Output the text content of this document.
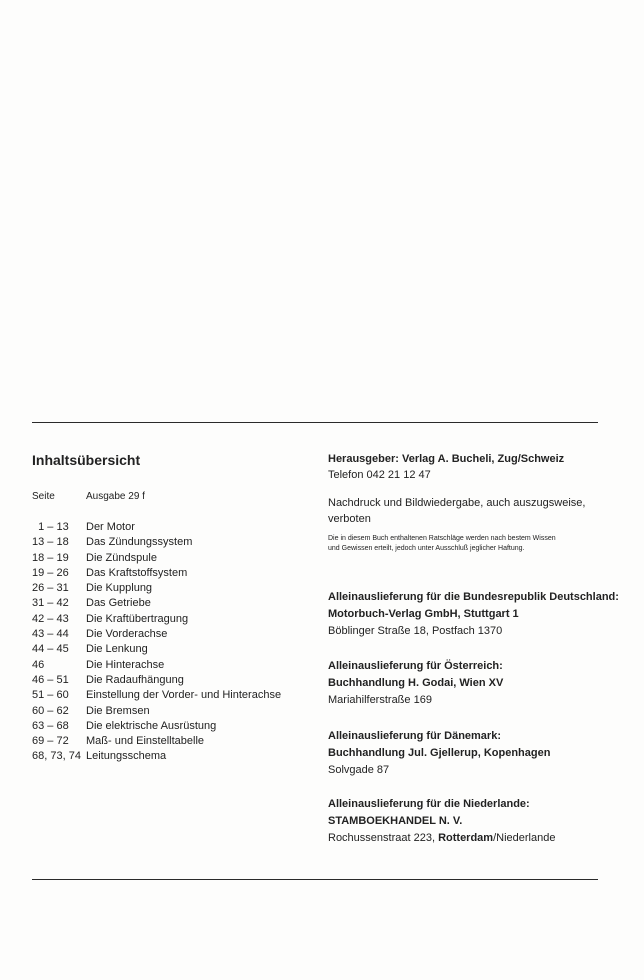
Inhaltsübersicht
Seite	Ausgabe 29 f
1 – 13 Der Motor
13 – 18 Das Zündungssystem
18 – 19 Die Zündspule
19 – 26 Das Kraftstoffsystem
26 – 31 Die Kupplung
31 – 42 Das Getriebe
42 – 43 Die Kraftübertragung
43 – 44 Die Vorderachse
44 – 45 Die Lenkung
46	Die Hinterachse
46 – 51 Die Radaufhängung
51 – 60 Einstellung der Vorder- und Hinterachse
60 – 62 Die Bremsen
63 – 68 Die elektrische Ausrüstung
69 – 72 Maß- und Einstelltabelle
68, 73, 74 Leitungsschema
Herausgeber: Verlag A. Bucheli, Zug/Schweiz
Telefon 042 21 12 47
Nachdruck und Bildwiedergabe, auch auszugsweise,
verboten
Die in diesem Buch enthaltenen Ratschläge werden nach bestem Wissen
und Gewissen erteilt, jedoch unter Ausschluß jeglicher Haftung.
Alleinauslieferung für die Bundesrepublik Deutschland:
Motorbuch-Verlag GmbH, Stuttgart 1
Böblinger Straße 18, Postfach 1370
Alleinauslieferung für Österreich:
Buchhandlung H. Godai, Wien XV
Mariahilferstraße 169
Alleinauslieferung für Dänemark:
Buchhandlung Jul. Gjellerup, Kopenhagen
Solvgade 87
Alleinauslieferung für die Niederlande:
STAMBOEKHANDEL N. V.
Rochussenstraat 223, Rotterdam/Niederlande
